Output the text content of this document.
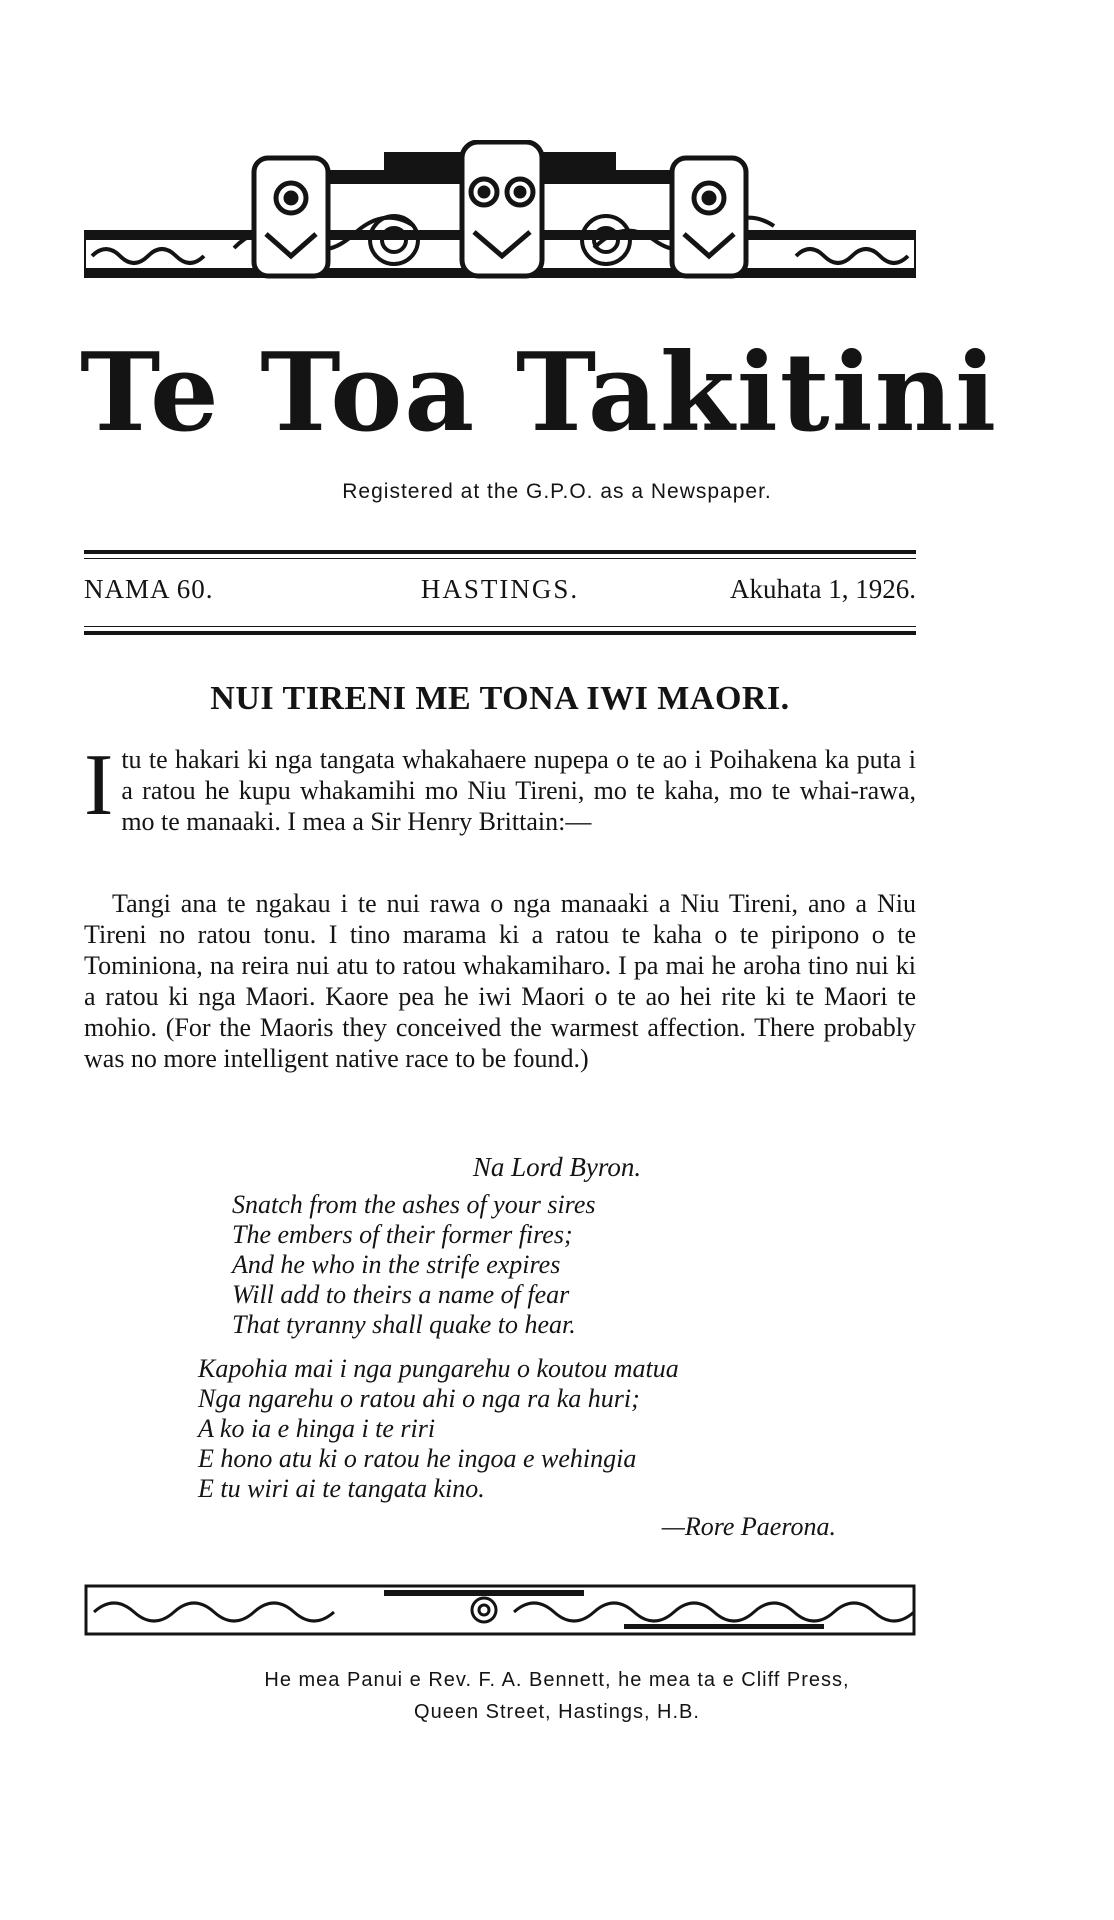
Te Toa Takitini
Registered at the G.P.O. as a Newspaper.
NAMA 60.	HASTINGS.	Akuhata 1, 1926.
NUI TIRENI ME TONA IWI MAORI.

Itu te hakari ki nga tangata whakahaere nupepa o te ao i Poihakena ka puta i a ratou he kupu whakamihi mo Niu Tireni, mo te kaha, mo te whai-rawa, mo te manaaki. I mea a Sir Henry Brittain:—

Tangi ana te ngakau i te nui rawa o nga manaaki a Niu Tireni, ano a Niu Tireni no ratou tonu. I tino marama ki a ratou te kaha o te piripono o te Tominiona, na reira nui atu to ratou whakamiharo. I pa mai he aroha tino nui ki a ratou ki nga Maori. Kaore pea he iwi Maori o te ao hei rite ki te Maori te mohio. (For the Maoris they conceived the warmest affection. There probably was no more intelligent native race to be found.)

Na Lord Byron.

Snatch from the ashes of your sires

The embers of their former fires;

And he who in the strife expires

Will add to theirs a name of fear

That tyranny shall quake to hear.

Kapohia mai i nga pungarehu o koutou matua

Nga ngarehu o ratou ahi o nga ra ka huri;

A ko ia e hinga i te riri

E hono atu ki o ratou he ingoa e wehingia

E tu wiri ai te tangata kino.

—Rore Paerona.
He mea Panui e Rev. F. A. Bennett, he mea ta e Cliff Press,
Queen Street, Hastings, H.B.
